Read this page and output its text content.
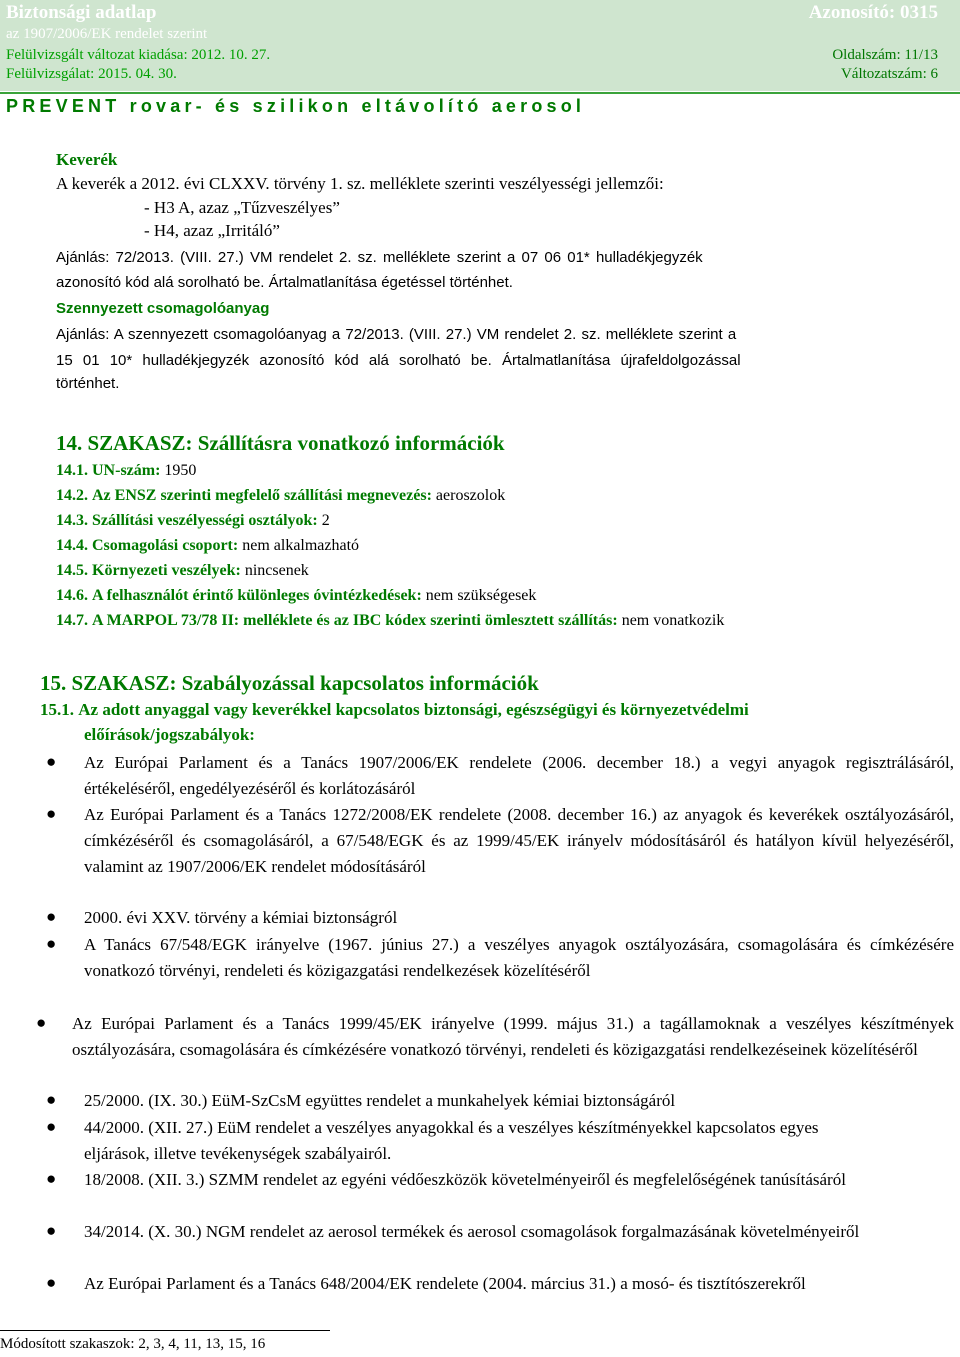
Biztonsági adatlap	Azonosító: 0315
az 1907/2006/EK rendelet szerint
Felülvizsgált változat kiadása: 2012. 10. 27.	Oldalszám: 11/13
Felülvizsgálat: 2015. 04. 30.	Változatszám: 6
PREVENT rovar- és szilikon eltávolító aerosol
Keverék
A keverék a 2012. évi CLXXV. törvény 1. sz. melléklete szerinti veszélyességi jellemzői:
- H3 A, azaz „Tűzveszélyes”
- H4, azaz „Irritáló”
Ajánlás: 72/2013. (VIII. 27.) VM rendelet 2. sz. melléklete szerint a 07 06 01* hulladékjegyzék
azonosító kód alá sorolható be. Ártalmatlanítása égetéssel történhet.
Szennyezett csomagolóanyag
Ajánlás: A szennyezett csomagolóanyag a 72/2013. (VIII. 27.) VM rendelet 2. sz. melléklete szerint a
15 01 10* hulladékjegyzék azonosító kód alá sorolható be. Ártalmatlanítása újrafeldolgozással
történhet.
14. SZAKASZ: Szállításra vonatkozó információk
14.1. UN-szám: 1950
14.2. Az ENSZ szerinti megfelelő szállítási megnevezés: aeroszolok
14.3. Szállítási veszélyességi osztályok: 2
14.4. Csomagolási csoport: nem alkalmazható
14.5. Környezeti veszélyek: nincsenek
14.6. A felhasználót érintő különleges óvintézkedések: nem szükségesek
14.7. A MARPOL 73/78 II: melléklete és az IBC kódex szerinti ömlesztett szállítás: nem vonatkozik
15. SZAKASZ: Szabályozással kapcsolatos információk
15.1. Az adott anyaggal vagy keverékkel kapcsolatos biztonsági, egészségügyi és környezetvédelmi
előírások/jogszabályok:
● Az Európai Parlament és a Tanács 1907/2006/EK rendelete (2006. december 18.) a vegyi anyagok regisztrálásáról, értékeléséről, engedélyezéséről és korlátozásáról
● Az Európai Parlament és a Tanács 1272/2008/EK rendelete (2008. december 16.) az anyagok és keverékek osztályozásáról, címkézéséről és csomagolásáról, a 67/548/EGK és az 1999/45/EK irányelv módosításáról és hatályon kívül helyezéséről, valamint az 1907/2006/EK rendelet módosításáról
● 2000. évi XXV. törvény a kémiai biztonságról
● A Tanács 67/548/EGK irányelve (1967. június 27.) a veszélyes anyagok osztályozására, csomagolására és címkézésére vonatkozó törvényi, rendeleti és közigazgatási rendelkezések közelítéséről
● Az Európai Parlament és a Tanács 1999/45/EK irányelve (1999. május 31.) a tagállamoknak a veszélyes készítmények osztályozására, csomagolására és címkézésére vonatkozó törvényi, rendeleti és közigazgatási rendelkezéseinek közelítéséről
● 25/2000. (IX. 30.) EüM-SzCsM együttes rendelet a munkahelyek kémiai biztonságáról
● 44/2000. (XII. 27.) EüM rendelet a veszélyes anyagokkal és a veszélyes készítményekkel kapcsolatos egyes eljárások, illetve tevékenységek szabályairól.
● 18/2008. (XII. 3.) SZMM rendelet az egyéni védőeszközök követelményeiről és megfelelőségének tanúsításáról
● 34/2014. (X. 30.) NGM rendelet az aerosol termékek és aerosol csomagolások forgalmazásának követelményeiről
● Az Európai Parlament és a Tanács 648/2004/EK rendelete (2004. március 31.) a mosó- és tisztítószerekről
Módosított szakaszok: 2, 3, 4, 11, 13, 15, 16
